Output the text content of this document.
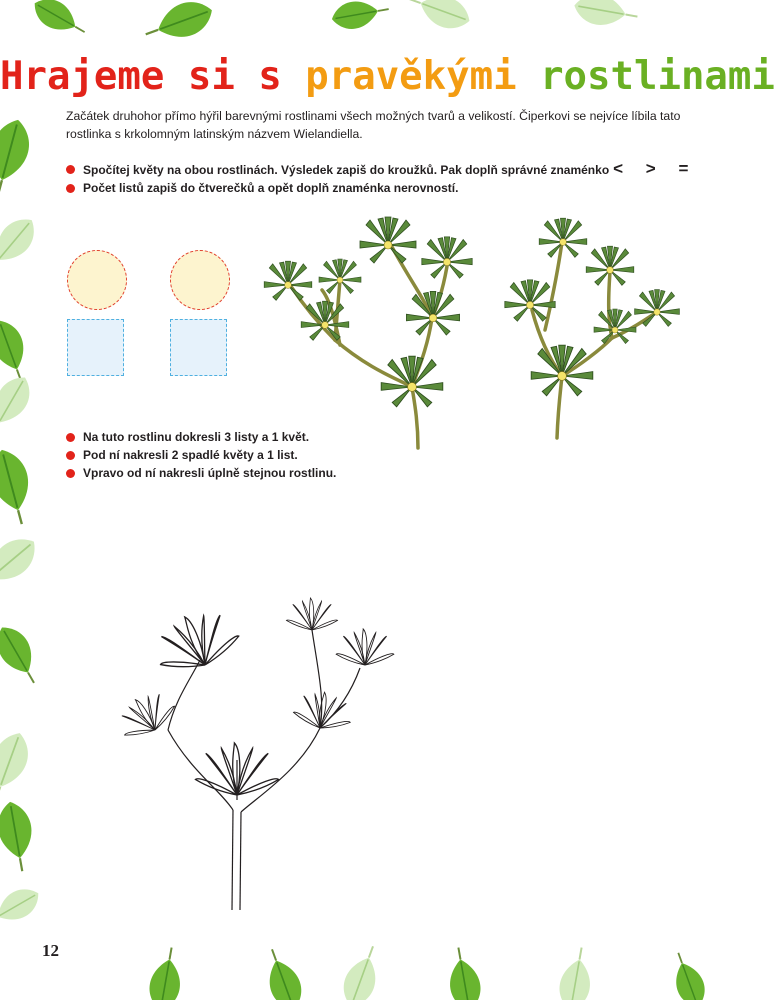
Hrajeme si s pravěkými rostlinami
Začátek druhohor přímo hýřil barevnými rostlinami všech možných tvarů a velikostí. Čiperkovi se nejvíce líbila tato rostlinka s krkolomným latinským názvem Wielandiella.
Spočítej květy na obou rostlinách. Výsledek zapiš do kroužků. Pak doplň správné znaménko < > =
Počet listů zapiš do čtverečků a opět doplň znaménka nerovností.
Na tuto rostlinu dokresli 3 listy a 1 květ.
Pod ní nakresli 2 spadlé květy a 1 list.
Vpravo od ní nakresli úplně stejnou rostlinu.
12
